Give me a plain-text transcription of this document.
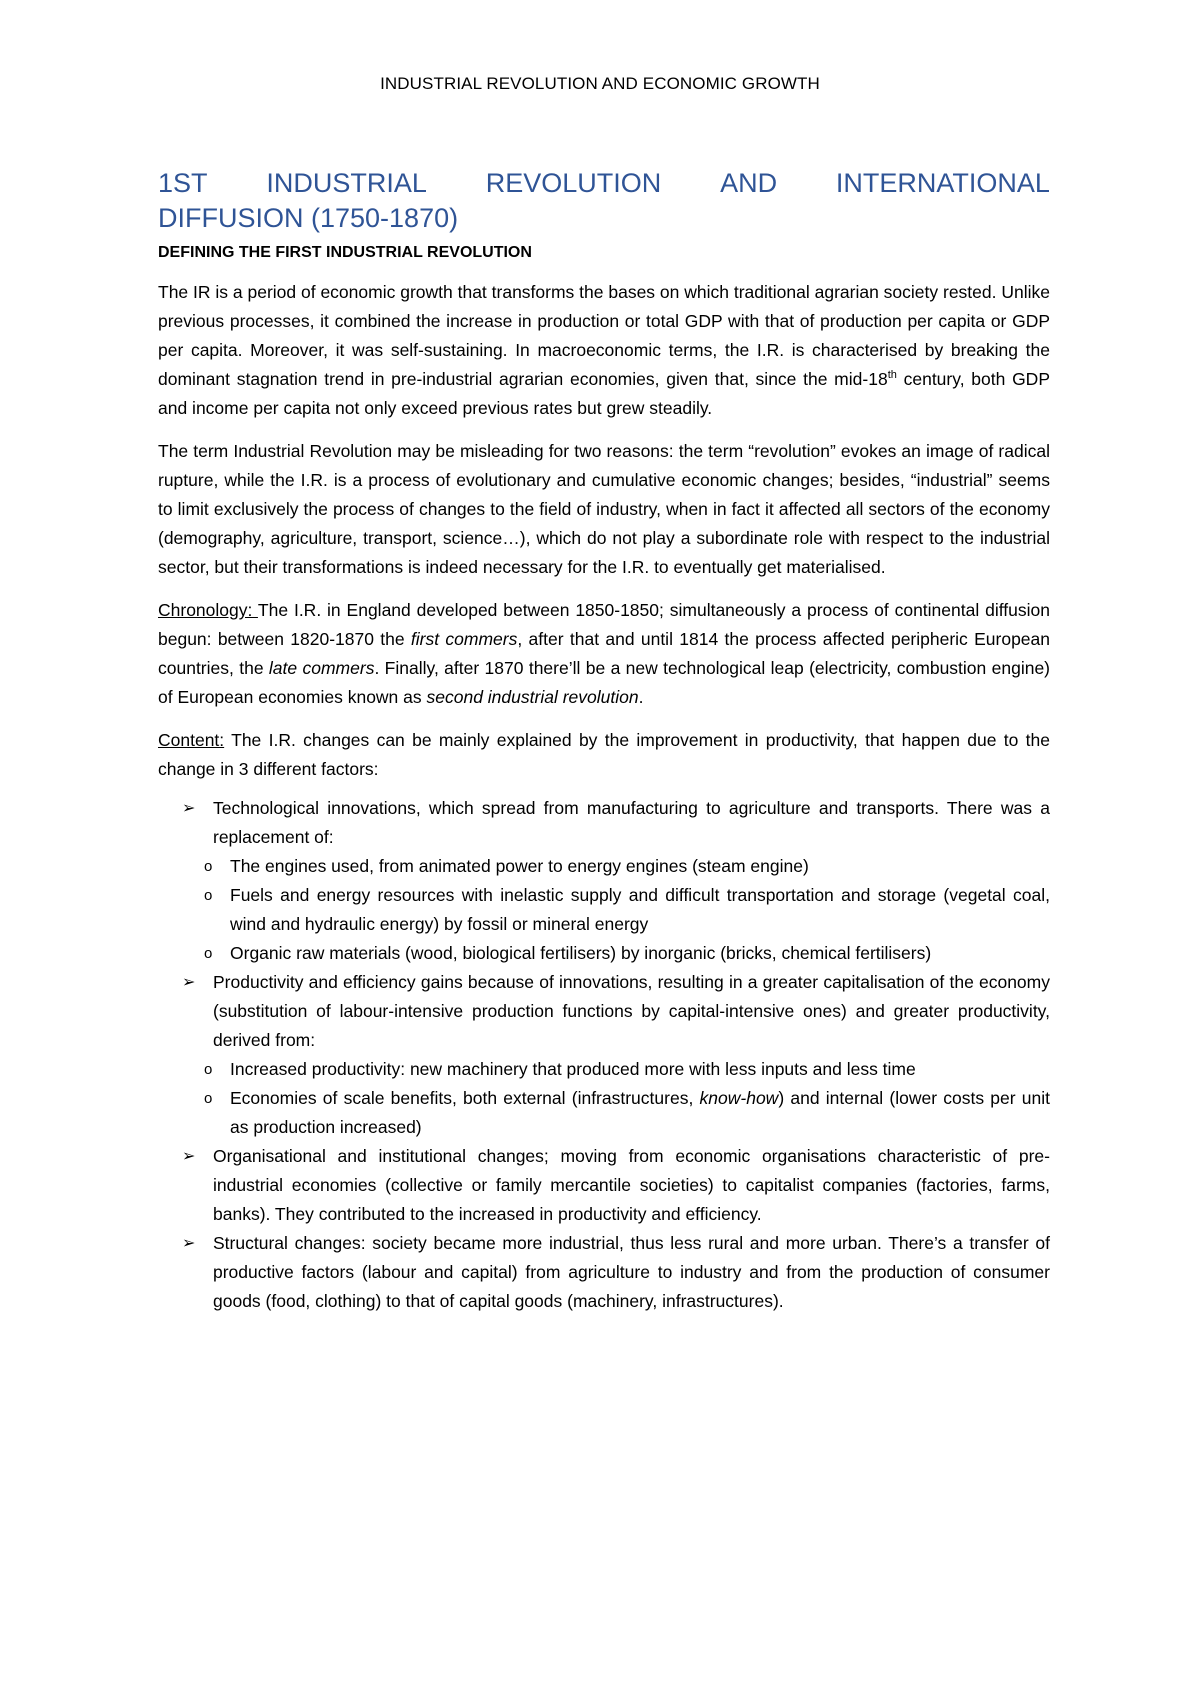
INDUSTRIAL REVOLUTION AND ECONOMIC GROWTH
1ST INDUSTRIAL REVOLUTION AND INTERNATIONAL
DIFFUSION (1750-1870)
DEFINING THE FIRST INDUSTRIAL REVOLUTION

The IR is a period of economic growth that transforms the bases on which traditional agrarian society rested. Unlike previous processes, it combined the increase in production or total GDP with that of production per capita or GDP per capita. Moreover, it was self-sustaining. In macroeconomic terms, the I.R. is characterised by breaking the dominant stagnation trend in pre-industrial agrarian economies, given that, since the mid-18th century, both GDP and income per capita not only exceed previous rates but grew steadily.

The term Industrial Revolution may be misleading for two reasons: the term “revolution” evokes an image of radical rupture, while the I.R. is a process of evolutionary and cumulative economic changes; besides, “industrial” seems to limit exclusively the process of changes to the field of industry, when in fact it affected all sectors of the economy (demography, agriculture, transport, science…), which do not play a subordinate role with respect to the industrial sector, but their transformations is indeed necessary for the I.R. to eventually get materialised.

Chronology: The I.R. in England developed between 1850-1850; simultaneously a process of continental diffusion begun: between 1820-1870 the first commers, after that and until 1814 the process affected peripheric European countries, the late commers. Finally, after 1870 there’ll be a new technological leap (electricity, combustion engine) of European economies known as second industrial revolution.

Content: The I.R. changes can be mainly explained by the improvement in productivity, that happen due to the change in 3 different factors:

➢ Technological innovations, which spread from manufacturing to agriculture and transports. There was a replacement of:
o The engines used, from animated power to energy engines (steam engine)
o Fuels and energy resources with inelastic supply and difficult transportation and storage (vegetal coal, wind and hydraulic energy) by fossil or mineral energy
o Organic raw materials (wood, biological fertilisers) by inorganic (bricks, chemical fertilisers)
➢ Productivity and efficiency gains because of innovations, resulting in a greater capitalisation of the economy (substitution of labour-intensive production functions by capital-intensive ones) and greater productivity, derived from:
o Increased productivity: new machinery that produced more with less inputs and less time
o Economies of scale benefits, both external (infrastructures, know-how) and internal (lower costs per unit as production increased)
➢ Organisational and institutional changes; moving from economic organisations characteristic of pre-industrial economies (collective or family mercantile societies) to capitalist companies (factories, farms, banks). They contributed to the increased in productivity and efficiency.
➢ Structural changes: society became more industrial, thus less rural and more urban. There’s a transfer of productive factors (labour and capital) from agriculture to industry and from the production of consumer goods (food, clothing) to that of capital goods (machinery, infrastructures).
